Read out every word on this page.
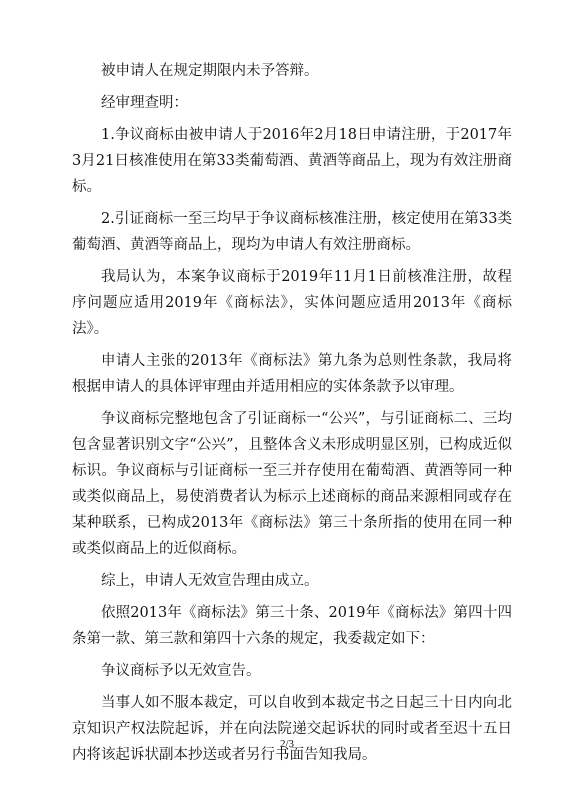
被申请人在规定期限内未予答辩。

经审理查明：

1.争议商标由被申请人于2016年2月18日申请注册，于2017年3月21日核准使用在第33类葡萄酒、黄酒等商品上，现为有效注册商标。

2.引证商标一至三均早于争议商标核准注册，核定使用在第33类葡萄酒、黄酒等商品上，现均为申请人有效注册商标。

我局认为，本案争议商标于2019年11月1日前核准注册，故程序问题应适用2019年《商标法》，实体问题应适用2013年《商标法》。

申请人主张的2013年《商标法》第九条为总则性条款，我局将根据申请人的具体评审理由并适用相应的实体条款予以审理。

争议商标完整地包含了引证商标一“公兴”，与引证商标二、三均包含显著识别文字“公兴”，且整体含义未形成明显区别，已构成近似标识。争议商标与引证商标一至三并存使用在葡萄酒、黄酒等同一种或类似商品上，易使消费者认为标示上述商标的商品来源相同或存在某种联系，已构成2013年《商标法》第三十条所指的使用在同一种或类似商品上的近似商标。

综上，申请人无效宣告理由成立。

依照2013年《商标法》第三十条、2019年《商标法》第四十四条第一款、第三款和第四十六条的规定，我委裁定如下：

争议商标予以无效宣告。

当事人如不服本裁定，可以自收到本裁定书之日起三十日内向北京知识产权法院起诉，并在向法院递交起诉状的同时或者至迟十五日内将该起诉状副本抄送或者另行书面告知我局。

2/3
